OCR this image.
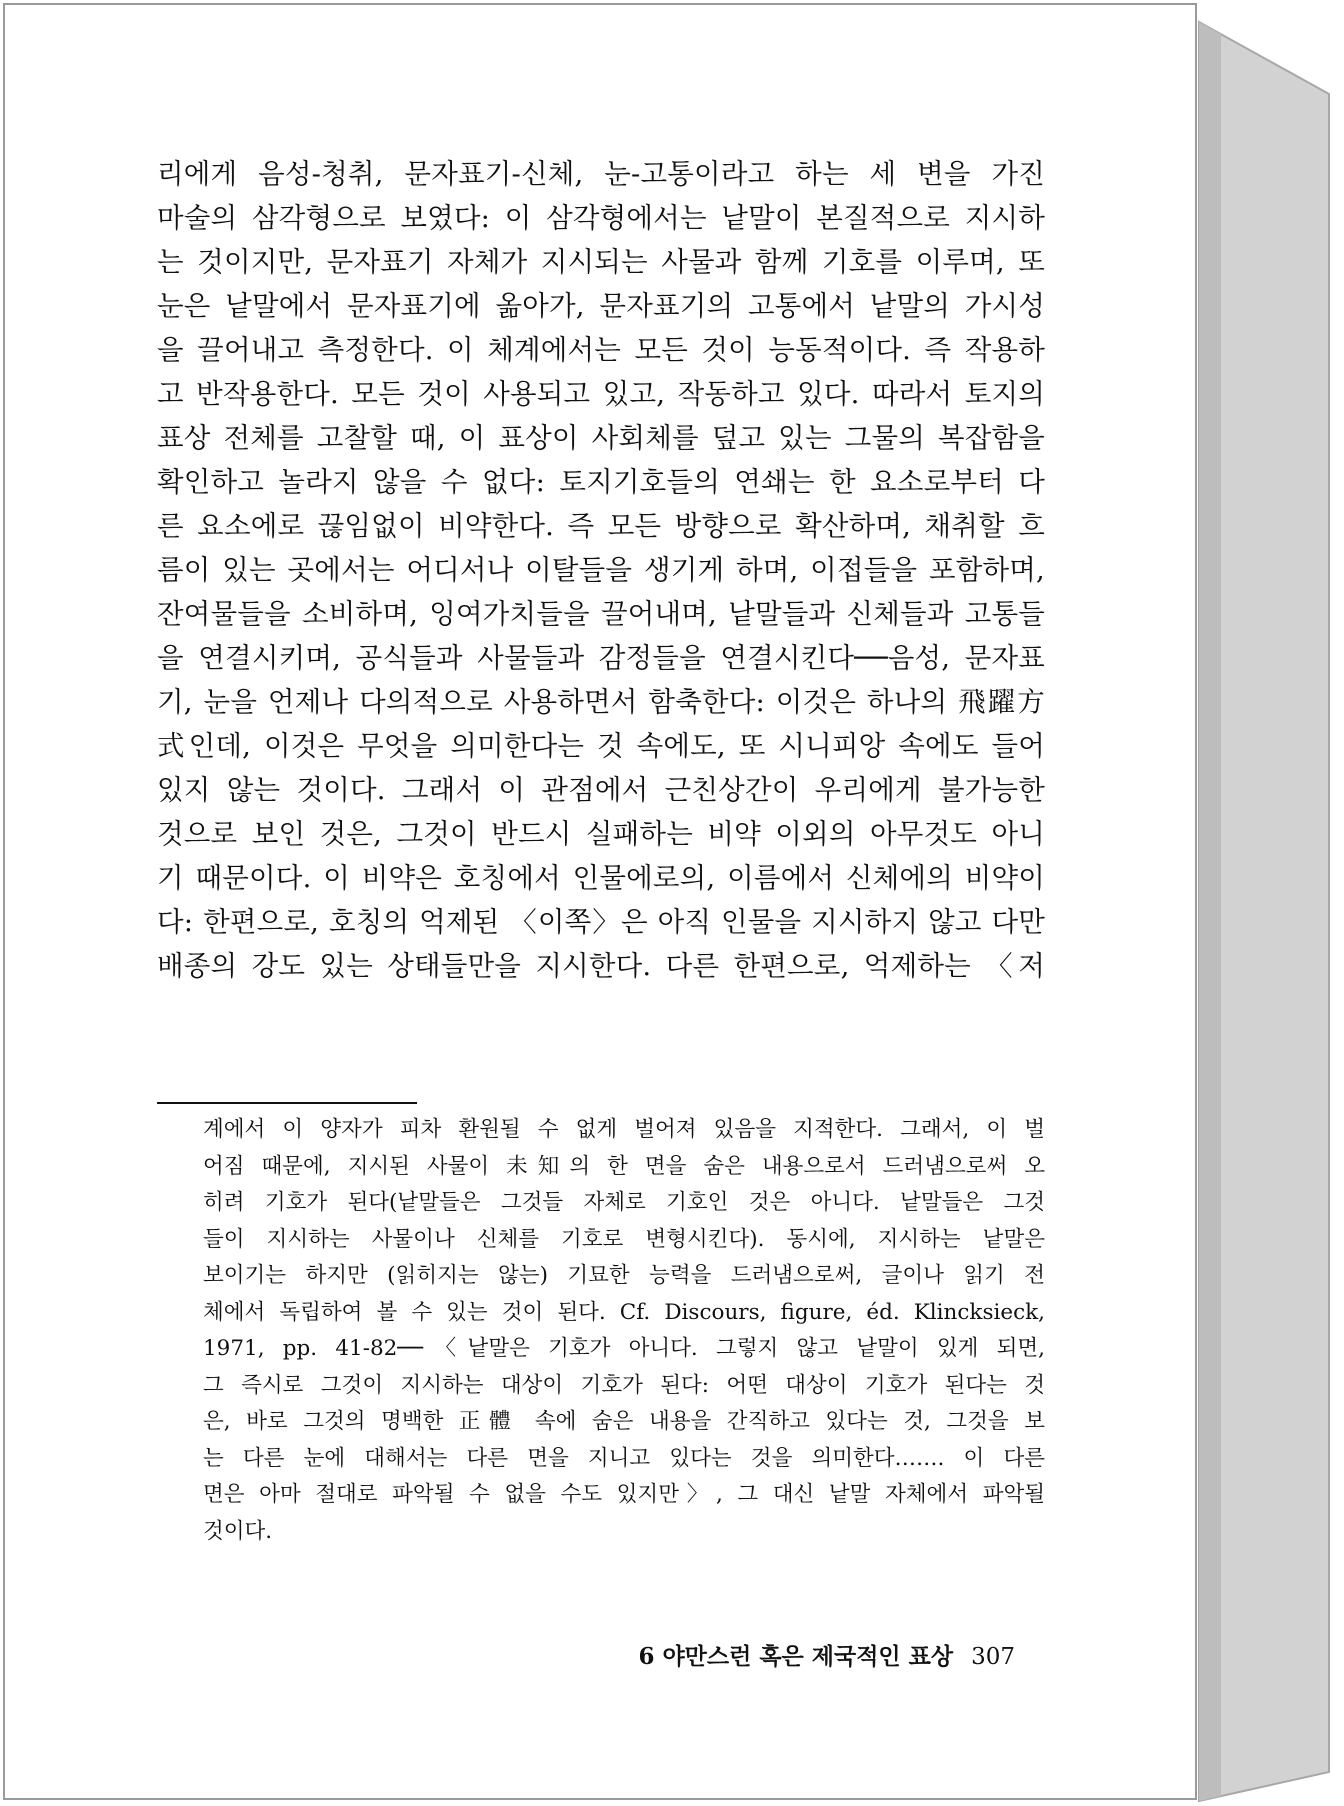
리에게 음성-청취, 문자표기-신체, 눈-고통이라고 하는 세 변을 가진
마술의 삼각형으로 보였다: 이 삼각형에서는 낱말이 본질적으로 지시하
는 것이지만, 문자표기 자체가 지시되는 사물과 함께 기호를 이루며, 또
눈은 낱말에서 문자표기에 옮아가, 문자표기의 고통에서 낱말의 가시성
을 끌어내고 측정한다. 이 체계에서는 모든 것이 능동적이다. 즉 작용하
고 반작용한다. 모든 것이 사용되고 있고, 작동하고 있다. 따라서 토지의
표상 전체를 고찰할 때, 이 표상이 사회체를 덮고 있는 그물의 복잡함을
확인하고 놀라지 않을 수 없다: 토지기호들의 연쇄는 한 요소로부터 다
른 요소에로 끊임없이 비약한다. 즉 모든 방향으로 확산하며, 채취할 흐
름이 있는 곳에서는 어디서나 이탈들을 생기게 하며, 이접들을 포함하며,
잔여물들을 소비하며, 잉여가치들을 끌어내며, 낱말들과 신체들과 고통들
을 연결시키며, 공식들과 사물들과 감정들을 연결시킨다──음성, 문자표
기, 눈을 언제나 다의적으로 사용하면서 함축한다: 이것은 하나의 飛躍方
式인데, 이것은 무엇을 의미한다는 것 속에도, 또 시니피앙 속에도 들어
있지 않는 것이다. 그래서 이 관점에서 근친상간이 우리에게 불가능한
것으로 보인 것은, 그것이 반드시 실패하는 비약 이외의 아무것도 아니
기 때문이다. 이 비약은 호칭에서 인물에로의, 이름에서 신체에의 비약이
다: 한편으로, 호칭의 억제된 〈이쪽〉은 아직 인물을 지시하지 않고 다만
배종의 강도 있는 상태들만을 지시한다. 다른 한편으로, 억제하는 〈저
계에서 이 양자가 피차 환원될 수 없게 벌어져 있음을 지적한다. 그래서, 이 벌
어짐 때문에, 지시된 사물이 未知의 한 면을 숨은 내용으로서 드러냄으로써 오
히려 기호가 된다(낱말들은 그것들 자체로 기호인 것은 아니다. 낱말들은 그것
들이 지시하는 사물이나 신체를 기호로 변형시킨다). 동시에, 지시하는 낱말은
보이기는 하지만 (읽히지는 않는) 기묘한 능력을 드러냄으로써, 글이나 읽기 전
체에서 독립하여 볼 수 있는 것이 된다. Cf. Discours, figure, éd. Klincksieck,
1971, pp. 41-82──〈낱말은 기호가 아니다. 그렇지 않고 낱말이 있게 되면,
그 즉시로 그것이 지시하는 대상이 기호가 된다: 어떤 대상이 기호가 된다는 것
은, 바로 그것의 명백한 正體 속에 숨은 내용을 간직하고 있다는 것, 그것을 보
는 다른 눈에 대해서는 다른 면을 지니고 있다는 것을 의미한다……. 이 다른
면은 아마 절대로 파악될 수 없을 수도 있지만〉, 그 대신 낱말 자체에서 파악될
것이다.
6 야만스런 혹은 제국적인 표상 307
